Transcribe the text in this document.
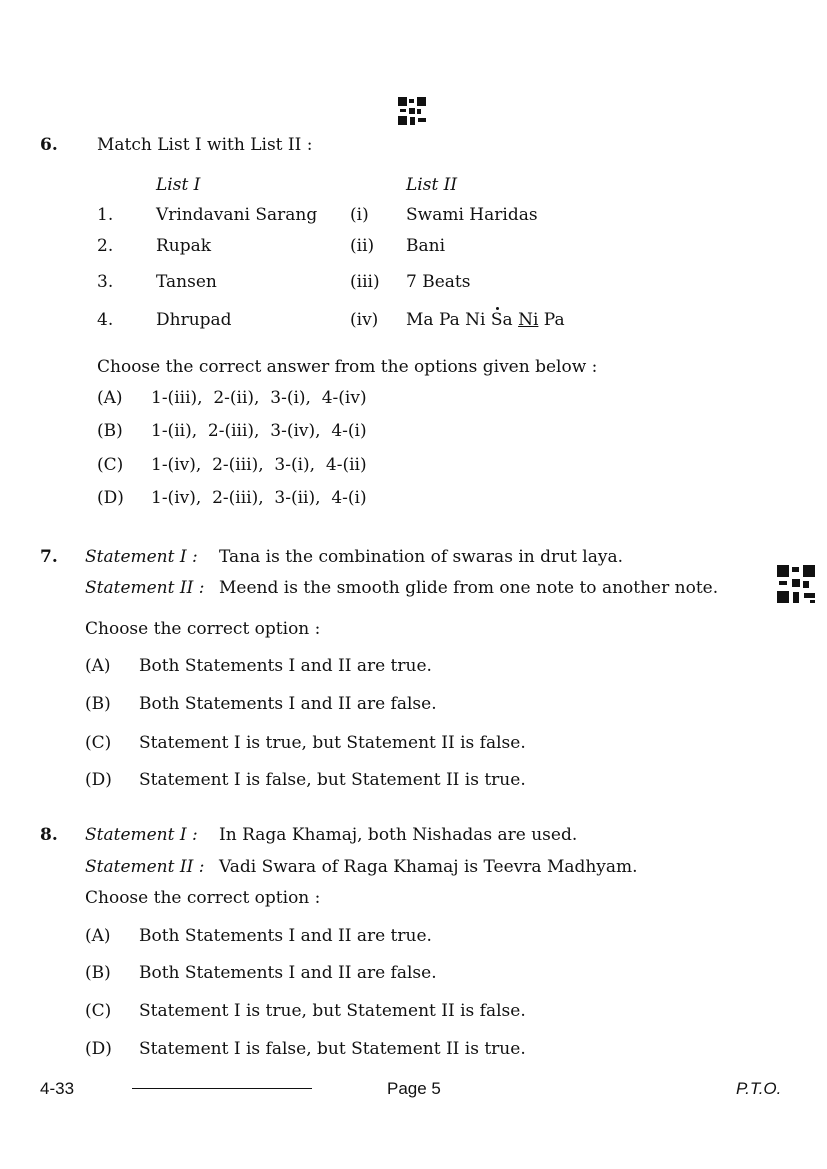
6. Match List I with List II :
List I	List II
1.	Vrindavani Sarang (i) Swami Haridas
2.	Rupak	(ii) Bani
3.	Tansen	(iii) 7 Beats
4.	Dhrupad	(iv) Ma Pa Ni Sa Ni Pa
Choose the correct answer from the options given below :
(A) 1-(iii),  2-(ii),  3-(i),  4-(iv)
(B) 1-(ii),  2-(iii),  3-(iv),  4-(i)
(C) 1-(iv),  2-(iii),  3-(i),  4-(ii)
(D) 1-(iv),  2-(iii),  3-(ii),  4-(i)
7. Statement I : Tana is the combination of swaras in drut laya.
Statement II : Meend is the smooth glide from one note to another note.
Choose the correct option :
(A) Both Statements I and II are true.
(B) Both Statements I and II are false.
(C) Statement I is true, but Statement II is false.
(D) Statement I is false, but Statement II is true.
8. Statement I : In Raga Khamaj, both Nishadas are used.
Statement II : Vadi Swara of Raga Khamaj is Teevra Madhyam.
Choose the correct option :
(A) Both Statements I and II are true.
(B) Both Statements I and II are false.
(C) Statement I is true, but Statement II is false.
(D) Statement I is false, but Statement II is true.
4-33	Page 5	P.T.O.
